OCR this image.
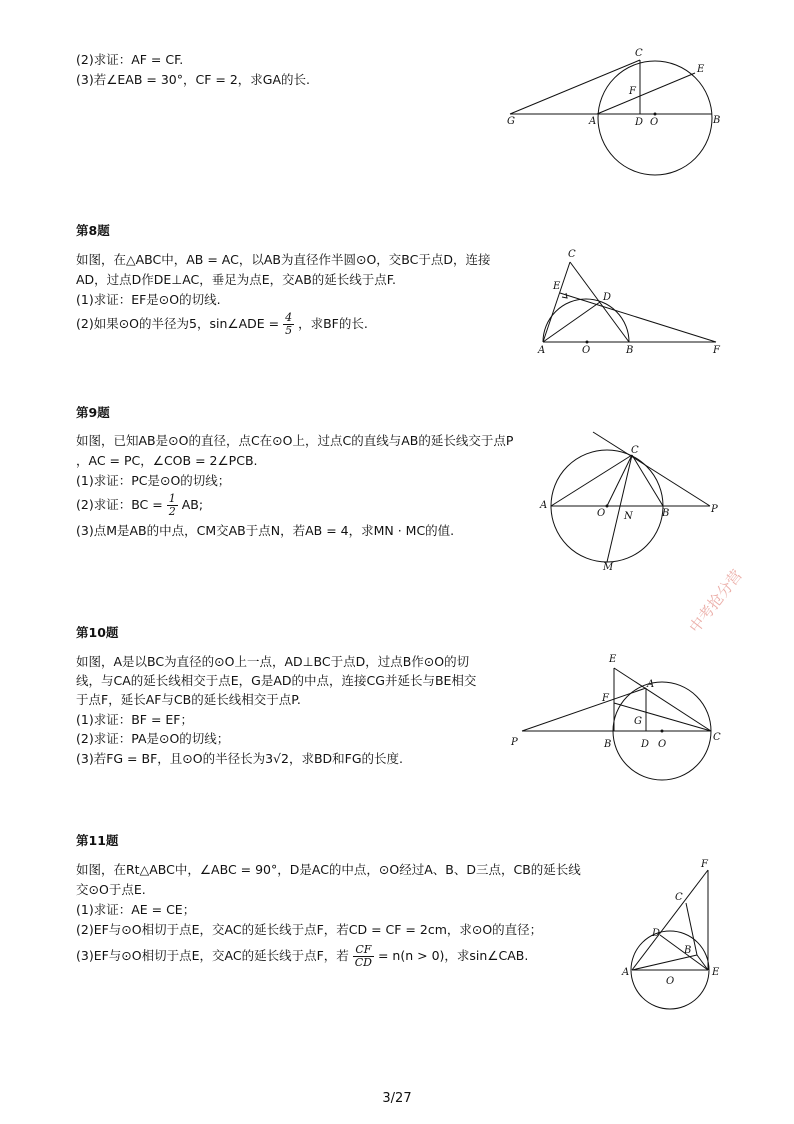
(2)求证：AF = CF.
(3)若∠EAB = 30°，CF = 2，求GA的长.
C
E
F
G	A	D O	B
第8题
如图，在△ABC中，AB = AC，以AB为直径作半圆⊙O，交BC于点D，连接
AD，过点D作DE⊥AC，垂足为点E，交AB的延长线于点F.
(1)求证：EF是⊙O的切线.
(2)如果⊙O的半径为5，sin∠ADE = $\frac{4}{5}$ ，求BF的长.
C
E
D
A	O	B	F
第9题
如图，已知AB是⊙O的直径，点C在⊙O上，过点C的直线与AB的延长线交于点P
，AC = PC，∠COB = 2∠PCB.
(1)求证：PC是⊙O的切线；
(2)求证：BC = $\frac{1}{2}$ AB;
(3)点M是AB的中点，CM交AB于点N，若AB = 4，求MN · MC的值.
C
A
O N	B	P
M
第10题
如图，A是以BC为直径的⊙O上一点，AD⊥BC于点D，过点B作⊙O的切
线，与CA的延长线相交于点E，G是AD的中点，连接CG并延长与BE相交
于点F，延长AF与CB的延长线相交于点P.
(1)求证：BF = EF；
(2)求证：PA是⊙O的切线；
(3)若FG = BF，且⊙O的半径长为3√2，求BD和FG的长度.
E
A
F
G
P	B	D O
C
第11题
如图，在Rt△ABC中，∠ABC = 90°，D是AC的中点，⊙O经过A、B、D三点，CB的延长线
交⊙O于点E.
(1)求证：AE = CE；
(2)EF与⊙O相切于点E，交AC的延长线于点F，若CD = CF = 2cm，求⊙O的直径；
(3)EF与⊙O相切于点E，交AC的延长线于点F，若 $\frac{CF}{CD} = n(n > 0)$，求sin∠CAB.
F
C
D
B
A
O
E
中考抢分营
3/27
